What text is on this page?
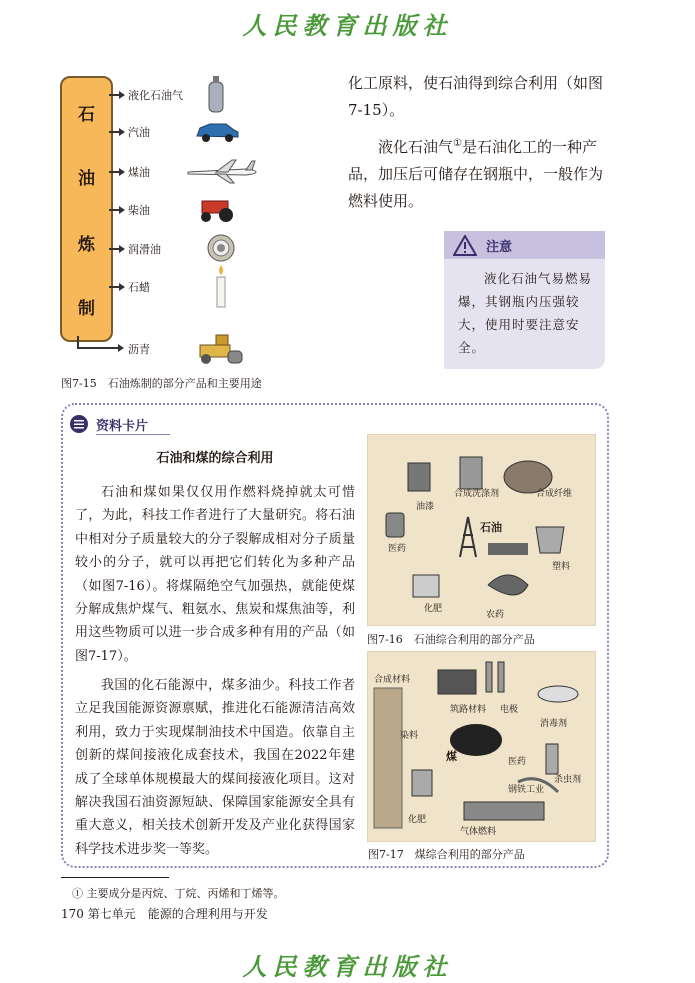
人民教育出版社
石
油
炼
制
液化石油气
汽油
煤油
柴油
润滑油
石蜡
沥青
图7-15　石油炼制的部分产品和主要用途
化工原料，使石油得到综合利用（如图7-15）。
液化石油气①是石油化工的一种产品，加压后可储存在钢瓶中，一般作为燃料使用。
注意
液化石油气易燃易爆，其钢瓶内压强较大，使用时要注意安全。
资料卡片
石油和煤的综合利用
石油和煤如果仅仅用作燃料烧掉就太可惜了，为此，科技工作者进行了大量研究。将石油中相对分子质量较大的分子裂解成相对分子质量较小的分子，就可以再把它们转化为多种产品（如图7-16）。将煤隔绝空气加强热，就能使煤分解成焦炉煤气、粗氨水、焦炭和煤焦油等，利用这些物质可以进一步合成多种有用的产品（如图7-17）。
我国的化石能源中，煤多油少。科技工作者立足我国能源资源禀赋，推进化石能源清洁高效利用，致力于实现煤制油技术中国造。依靠自主创新的煤间接液化成套技术，我国在2022年建成了全球单体规模最大的煤间接液化项目。这对解决我国石油资源短缺、保障国家能源安全具有重大意义，相关技术创新开发及产业化获得国家科学技术进步奖一等奖。
油漆
合成洗涤剂	合成纤维
医药
石油
塑料
化肥
农药
图7-16　石油综合利用的部分产品
合成材料
筑路材料 电极
消毒剂
染料
煤	医药
杀虫剂
钢铁工业
化肥
气体燃料
图7-17　煤综合利用的部分产品
① 主要成分是丙烷、丁烷、丙烯和丁烯等。
170 第七单元　能源的合理利用与开发
人民教育出版社
